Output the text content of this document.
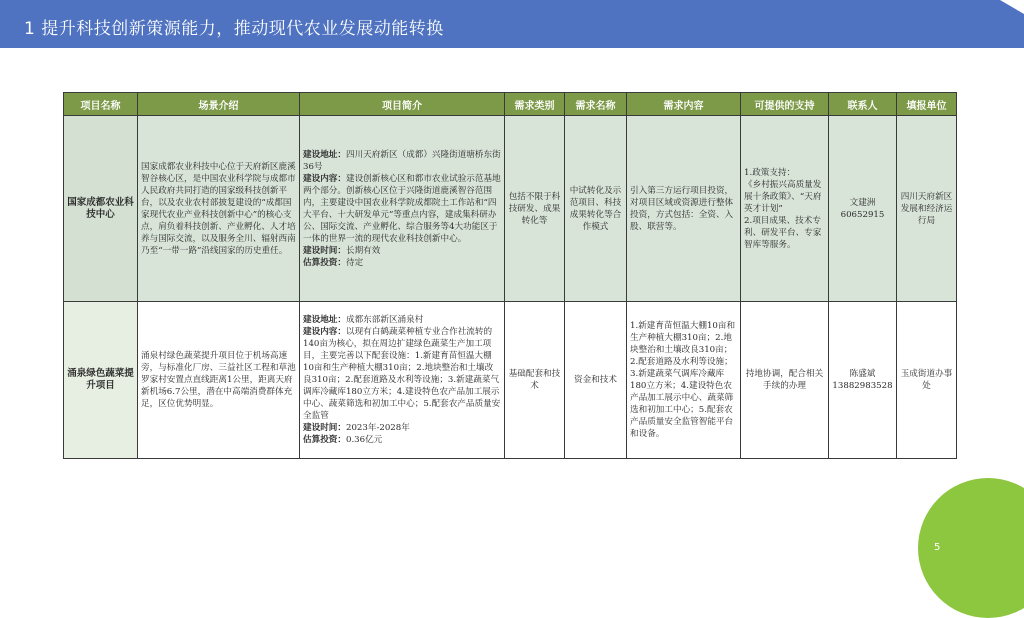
1 提升科技创新策源能力，推动现代农业发展动能转换
项目名称	场景介绍	项目简介	需求类别	需求名称	需求内容	可提供的支持	联系人	填报单位
国家成都农业科技中心	国家成都农业科技中心位于天府新区鹿溪智谷核心区，是中国农业科学院与成都市人民政府共同打造的国家级科技创新平台，以及农业农村部披复建设的“成都国家现代农业产业科技创新中心”的核心支点，肩负着科技创新、产业孵化、人才培养与国际交流，以及服务全川、辐射西南乃至“一带一路”沿线国家的历史重任。	建设地址：四川天府新区（成都）兴隆街道塘桥东街36号
建设内容：建设创新核心区和都市农业试验示范基地两个部分。创新核心区位于兴隆街道鹿溪智谷范围内，主要建设中国农业科学院成都院土工作站和“四大平台、十大研发单元”等重点内容，建成集科研办公、国际交流、产业孵化、综合服务等4大功能区于一体的世界一流的现代农业科技创新中心。
建设时间：长期有效
估算投资：待定	包括不限于科技研发、成果转化等	中试转化及示范项目、科技成果转化等合作模式	引入第三方运行项目投资，对项目区域或资源进行整体投资，方式包括：全资、入股、联营等。	1.政策支持：
《乡村振兴高质量发展十条政策》、“天府英才计划”
2.项目成果、技术专利、研发平台、专家智库等服务。	文建洲
60652915	四川天府新区发展和经济运行局
涌泉绿色蔬菜提升项目	涌泉村绿色蔬菜提升项目位于机场高速旁，与标准化厂房、三益社区工程和草池罗家村安置点直线距离1公里，距离天府新机场6.7公里，潜在中高端消费群体充足，区位优势明显。	建设地址：成都东部新区涌泉村
建设内容：以现有白鹤蔬菜种植专业合作社流转的140亩为核心，拟在周边扩建绿色蔬菜生产加工项目，主要完善以下配套设施：1.新建育苗恒温大棚10亩和生产种植大棚310亩；2.地块整治和土壤改良310亩；2.配套道路及水利等设施；3.新建蔬菜气调库冷藏库180立方米；4.建设特色农产品加工展示中心、蔬菜筛选和初加工中心；5.配套农产品质量安全监管
建设时间：2023年-2028年
估算投资：0.36亿元	基础配套和技术	资金和技术	1.新建育苗恒温大棚10亩和生产种植大棚310亩；2.地块整治和土壤改良310亩；2.配套道路及水利等设施；3.新建蔬菜气调库冷藏库180立方米；4.建设特色农产品加工展示中心、蔬菜筛选和初加工中心；5.配套农产品质量安全监管智能平台和设备。	持地协调，配合相关手续的办理	陈盛斌
13882983528	玉成街道办事处
5
